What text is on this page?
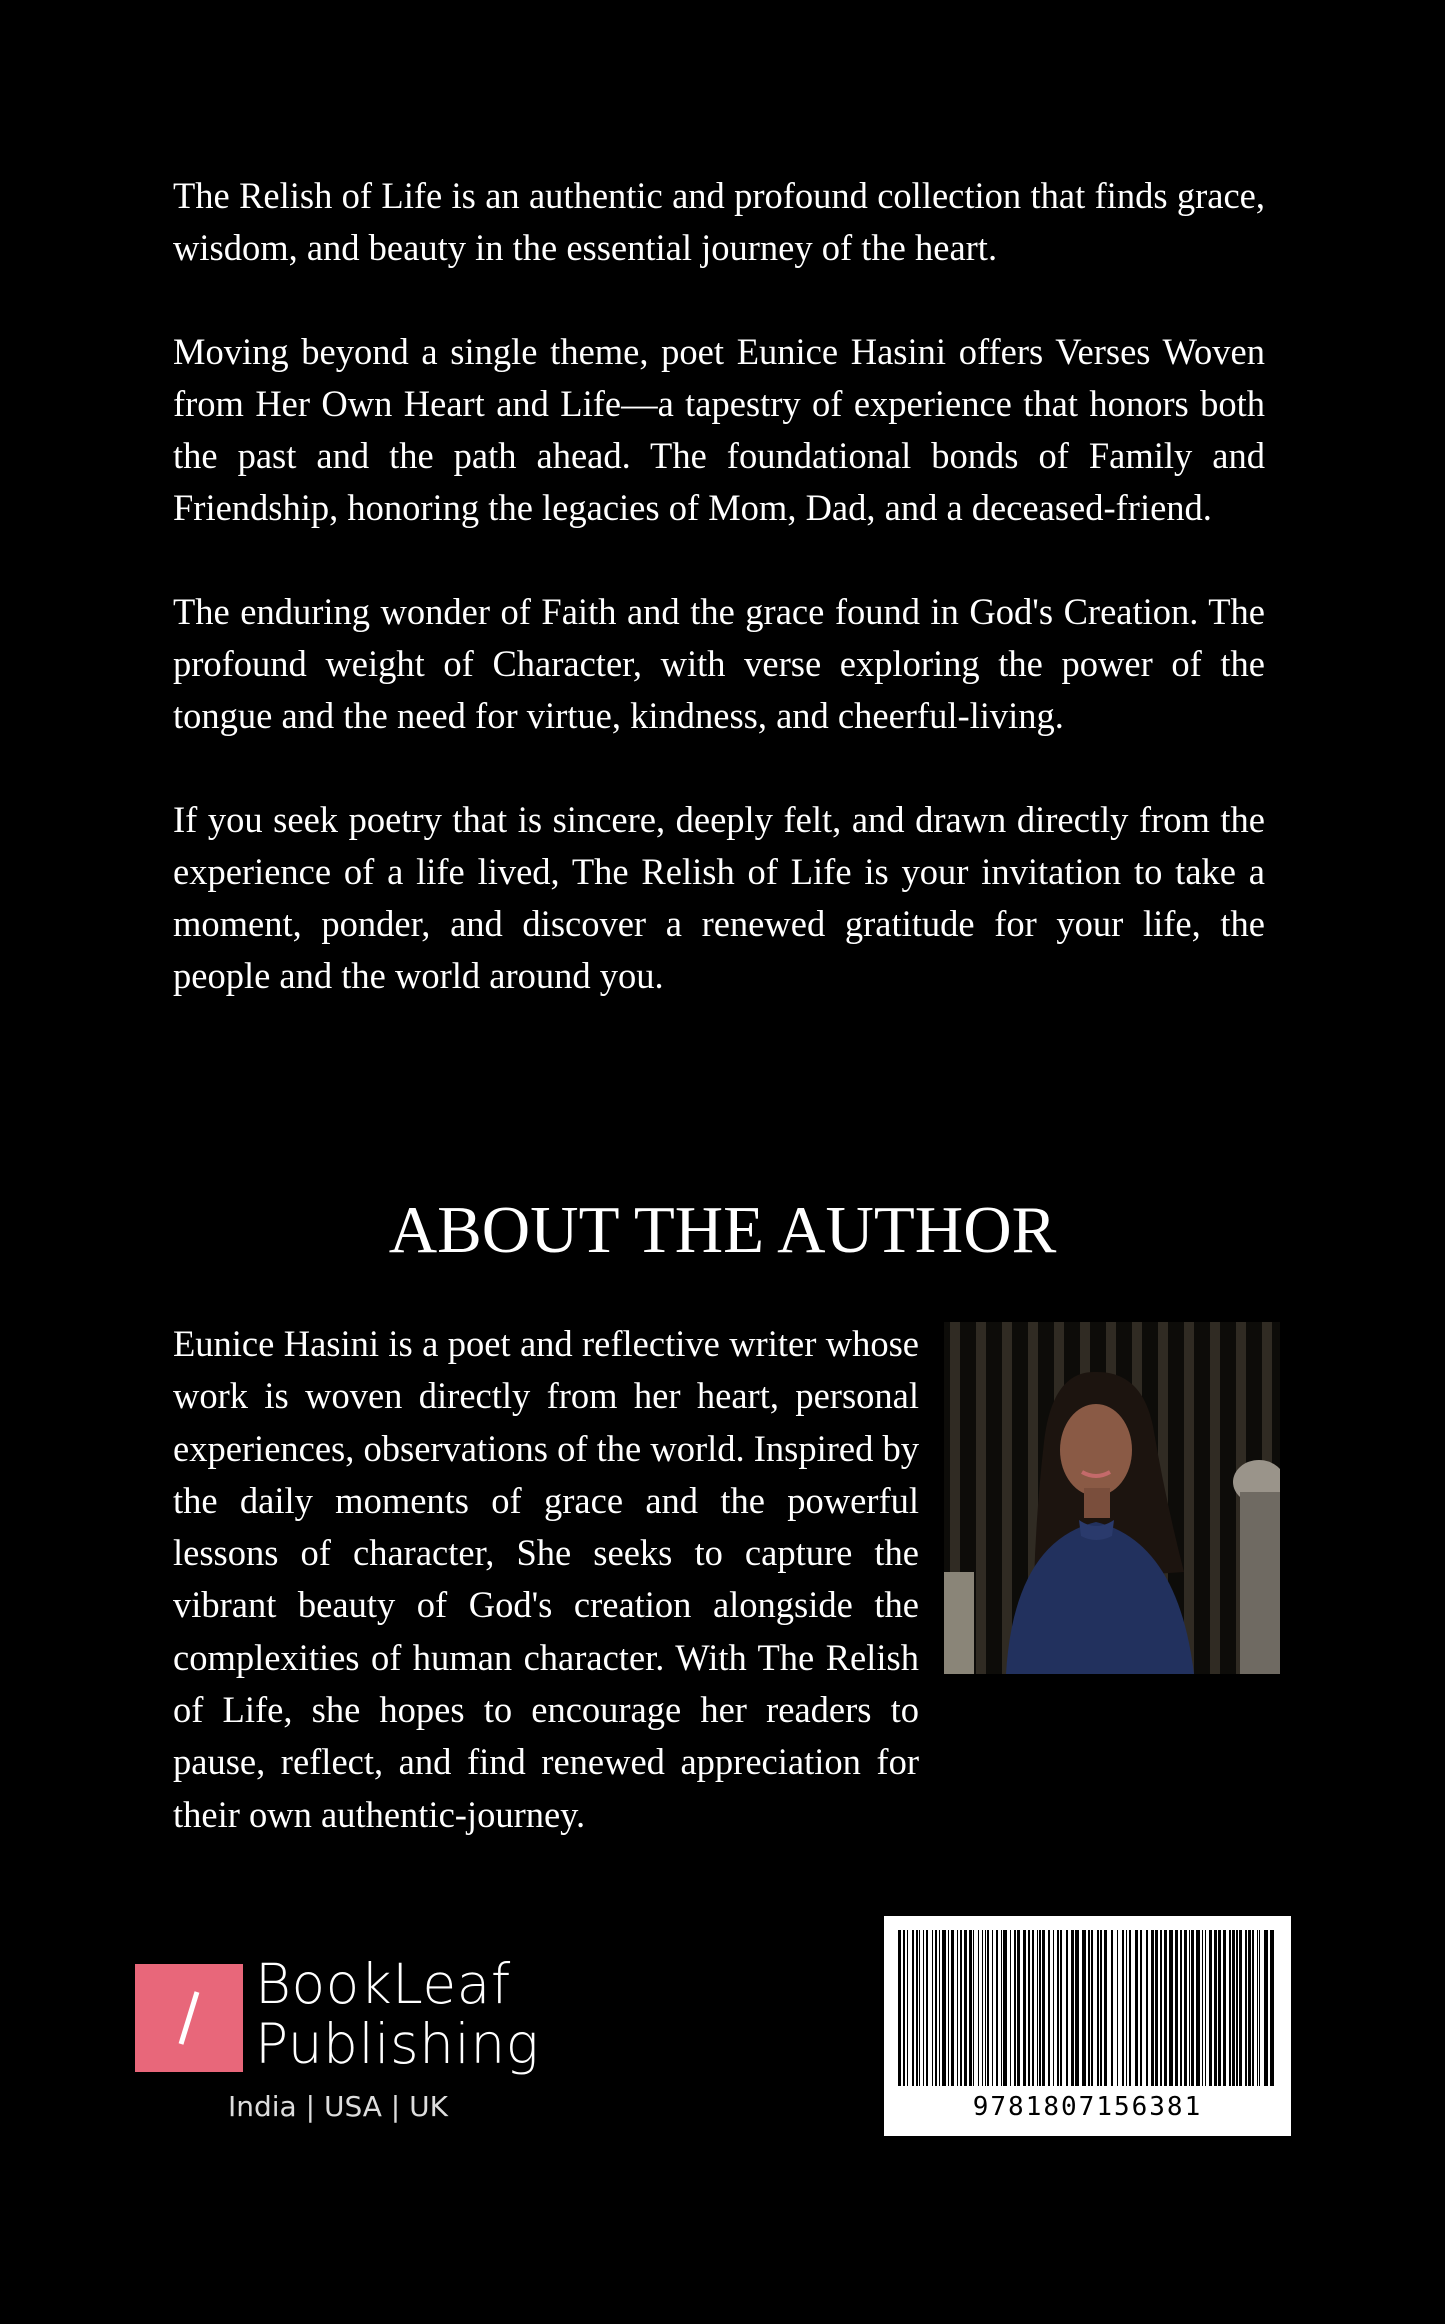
The Relish of Life is an authentic and profound collection that finds grace, wisdom, and beauty in the essential journey of the heart.

Moving beyond a single theme, poet Eunice Hasini offers Verses Woven from Her Own Heart and Life—a tapestry of experience that honors both the past and the path ahead. The foundational bonds of Family and Friendship, honoring the legacies of Mom, Dad, and a deceased-friend.

The enduring wonder of Faith and the grace found in God's Creation. The profound weight of Character, with verse exploring the power of the tongue and the need for virtue, kindness, and cheerful-living.

If you seek poetry that is sincere, deeply felt, and drawn directly from the experience of a life lived, The Relish of Life is your invitation to take a moment, ponder, and discover a renewed gratitude for your life, the people and the world around you.

ABOUT THE AUTHOR

Eunice Hasini is a poet and reflective writer whose work is woven directly from her heart, personal experiences, observations of the world. Inspired by the daily moments of grace and the powerful lessons of character, She seeks to capture the vibrant beauty of God's creation alongside the complexities of human character. With The Relish of Life, she hopes to encourage her readers to pause, reflect, and find renewed appreciation for their own authentic-journey.

BookLeaf
Publishing
India | USA | UK	9781807156381
